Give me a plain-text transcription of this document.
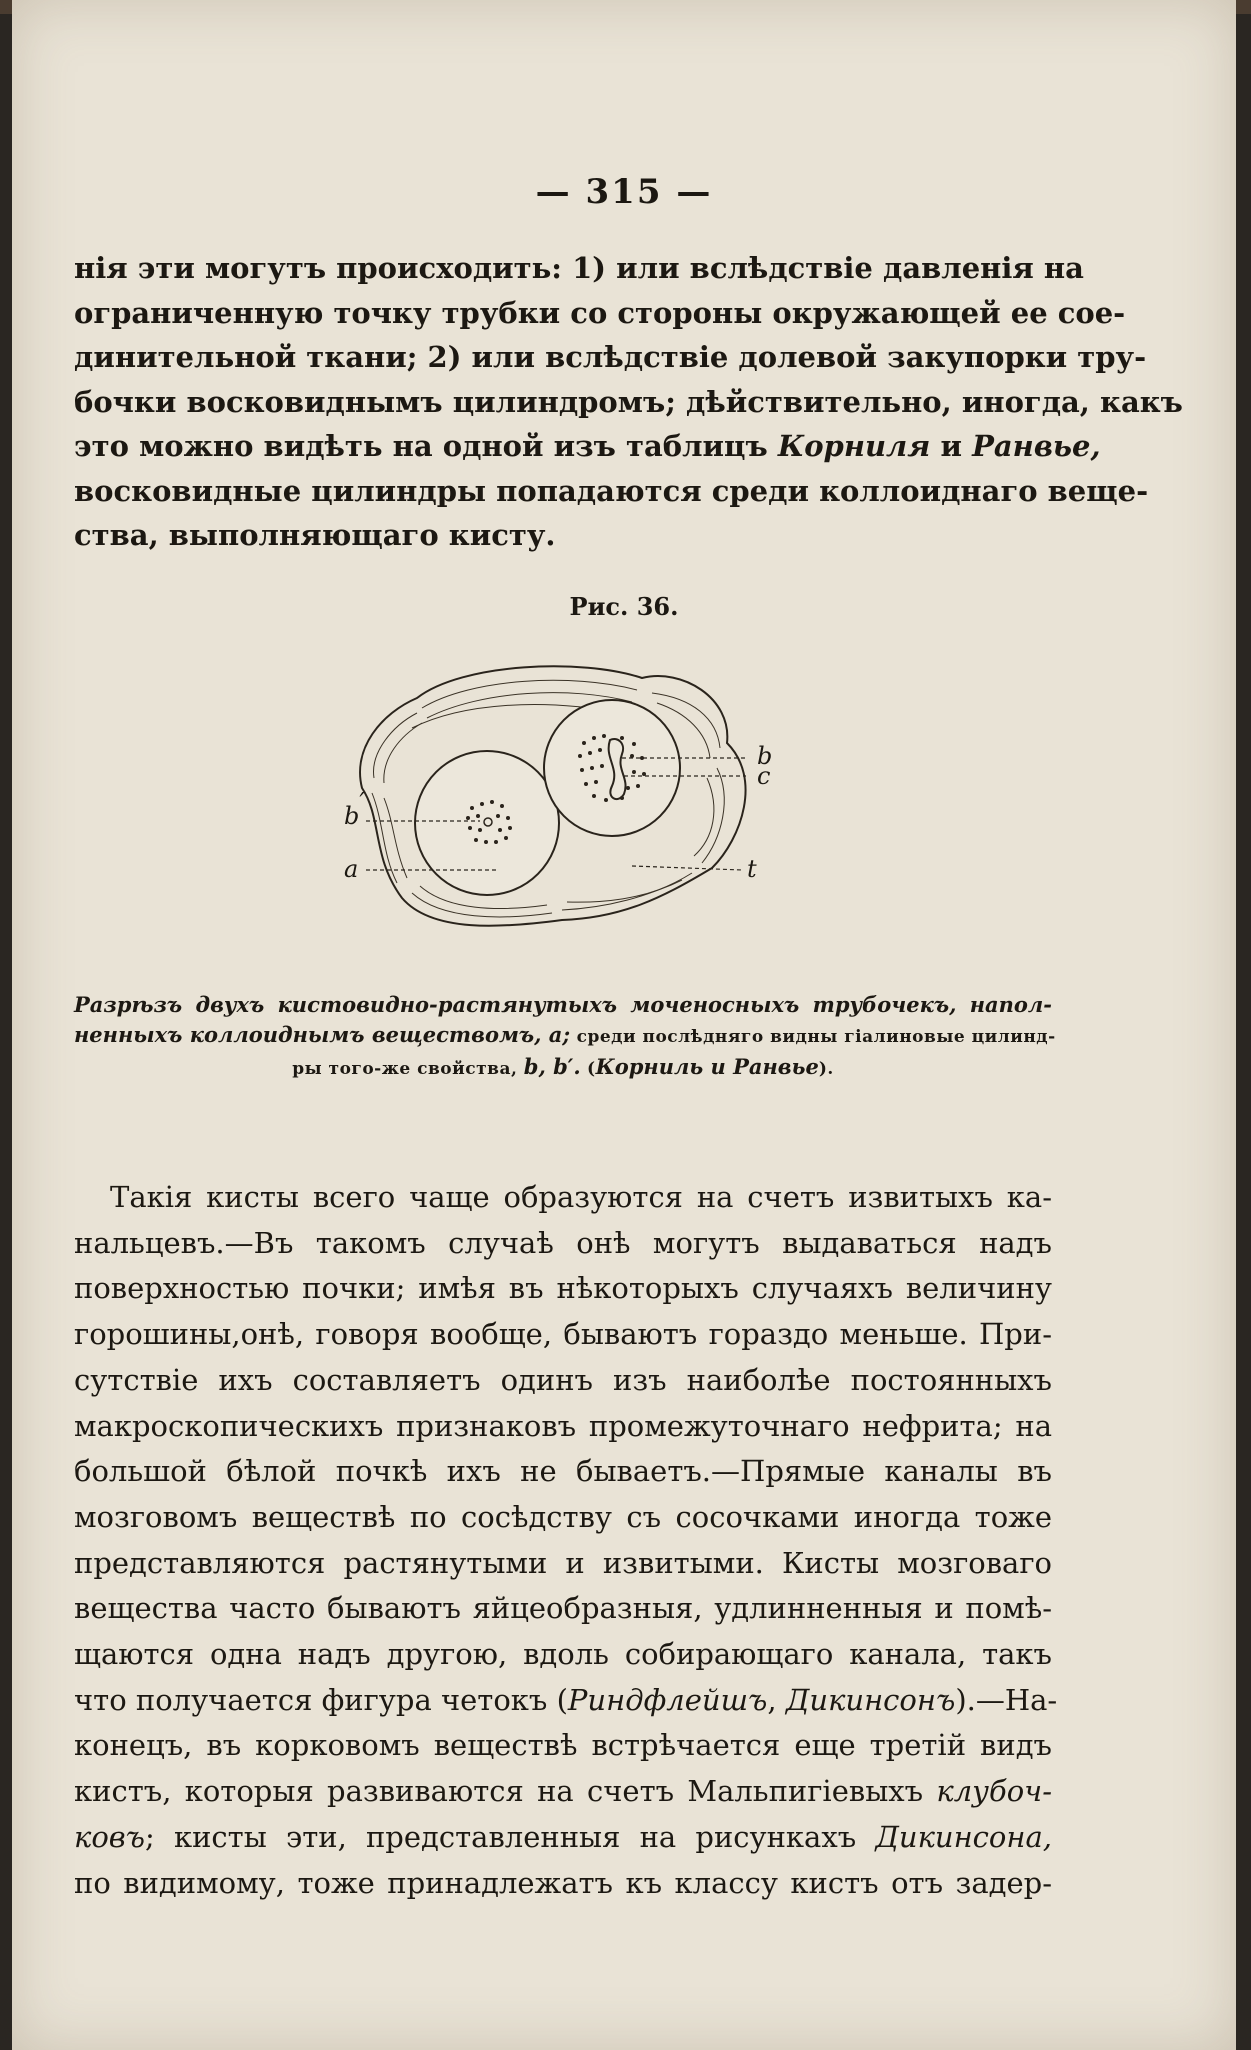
— 315 —
нія эти могутъ происходить: 1) или вслѣдствіе давленія на
ограниченную точку трубки со стороны окружающей ее сое-
динительной ткани; 2) или вслѣдствіе долевой закупорки тру-
бочки восковиднымъ цилиндромъ; дѣйствительно, иногда, какъ
это можно видѣть на одной изъ таблицъ Корниля и Ранвье,
восковидные цилиндры попадаются среди коллоиднаго веще-
ства, выполняющаго кисту.
Рис. 36.
b
c
b′
a	t
Разрѣзъ двухъ кистовидно-растянутыхъ моченосныхъ трубочекъ, напол-
ненныхъ коллоиднымъ веществомъ, a; среди послѣдняго видны гіалиновые цилинд-
ры того-же свойства, b, b′. (Корниль и Ранвье).
Такія кисты всего чаще образуются на счетъ извитыхъ ка-
нальцевъ.—Въ такомъ случаѣ онѣ могутъ выдаваться надъ
поверхностью почки; имѣя въ нѣкоторыхъ случаяхъ величину
горошины,онѣ, говоря вообще, бываютъ гораздо меньше. При-
сутствіе ихъ составляетъ одинъ изъ наиболѣе постоянныхъ
макроскопическихъ признаковъ промежуточнаго нефрита; на
большой бѣлой почкѣ ихъ не бываетъ.—Прямые каналы въ
мозговомъ веществѣ по сосѣдству съ сосочками иногда тоже
представляются растянутыми и извитыми. Кисты мозговаго
вещества часто бываютъ яйцеобразныя, удлинненныя и помѣ-
щаются одна надъ другою, вдоль собирающаго канала, такъ
что получается фигура четокъ (Риндфлейшъ, Дикинсонъ).—На-
конецъ, въ корковомъ веществѣ встрѣчается еще третій видъ
кистъ, которыя развиваются на счетъ Мальпигіевыхъ клубоч-
ковъ; кисты эти, представленныя на рисункахъ Дикинсона,
по видимому, тоже принадлежатъ къ классу кистъ отъ задер-
